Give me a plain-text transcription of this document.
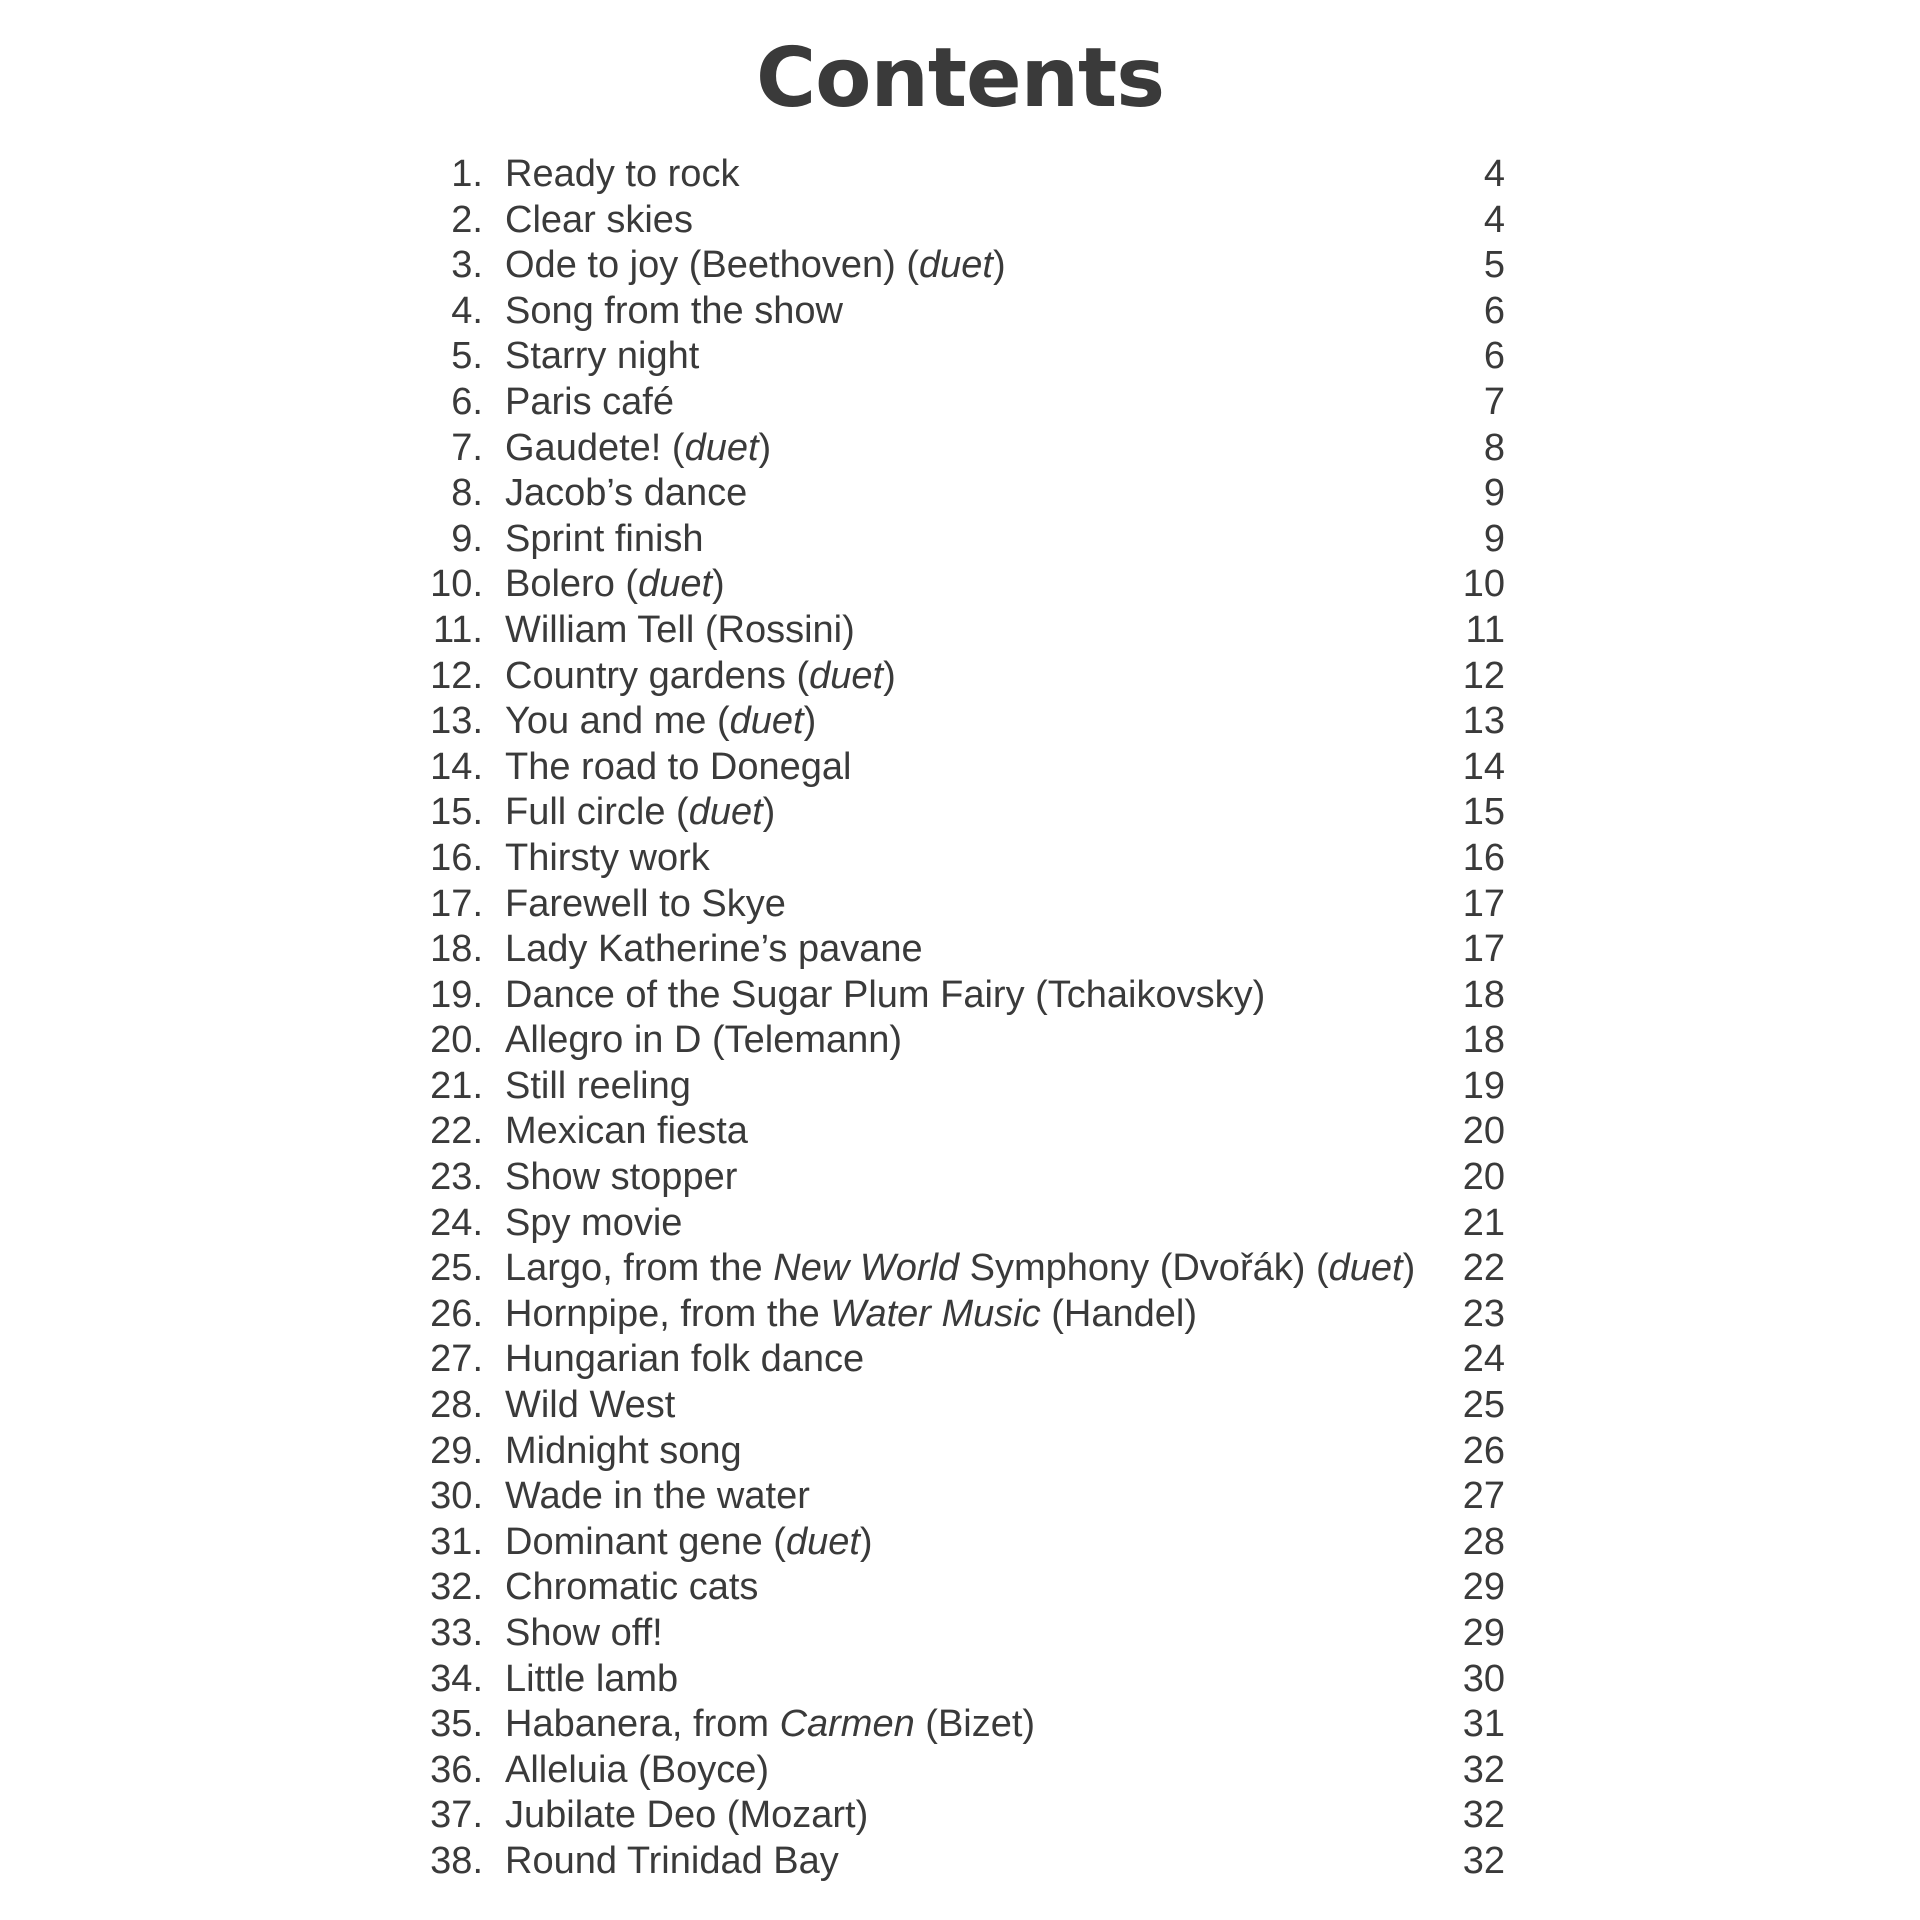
Contents
1. Ready to rock	4
2. Clear skies	4
3. Ode to joy (Beethoven) (duet)	5
4. Song from the show	6
5. Starry night	6
6. Paris café	7
7. Gaudete! (duet)	8
8. Jacob’s dance	9
9. Sprint finish	9
10. Bolero (duet)	10
11. William Tell (Rossini)	11
12. Country gardens (duet)	12
13. You and me (duet)	13
14. The road to Donegal	14
15. Full circle (duet)	15
16. Thirsty work	16
17. Farewell to Skye	17
18. Lady Katherine’s pavane	17
19. Dance of the Sugar Plum Fairy (Tchaikovsky)	18
20. Allegro in D (Telemann)	18
21. Still reeling	19
22. Mexican fiesta	20
23. Show stopper	20
24. Spy movie	21
25. Largo, from the New World Symphony (Dvořák) (duet)	22
26. Hornpipe, from the Water Music (Handel)	23
27. Hungarian folk dance	24
28. Wild West	25
29. Midnight song	26
30. Wade in the water	27
31. Dominant gene (duet)	28
32. Chromatic cats	29
33. Show off!	29
34. Little lamb	30
35. Habanera, from Carmen (Bizet)	31
36. Alleluia (Boyce)	32
37. Jubilate Deo (Mozart)	32
38. Round Trinidad Bay	32
